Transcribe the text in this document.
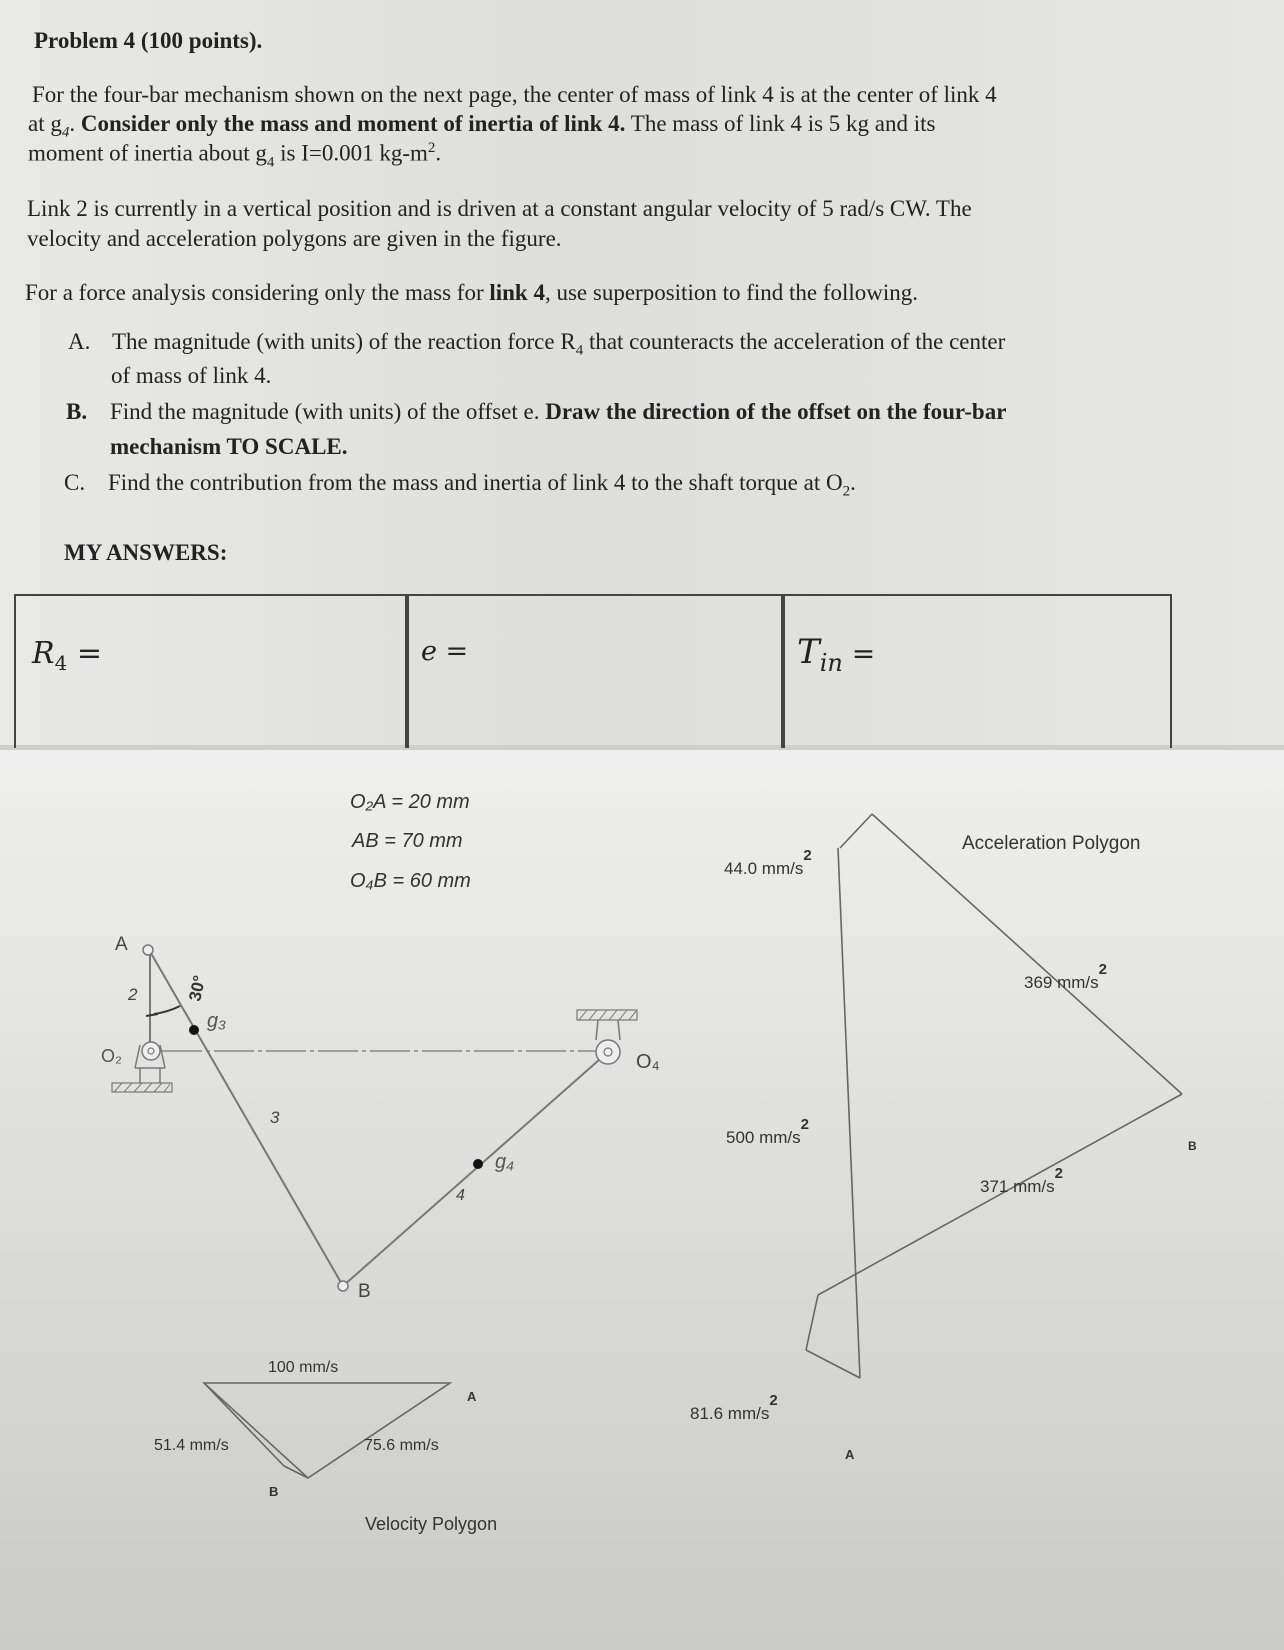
Problem 4 (100 points).
For the four-bar mechanism shown on the next page, the center of mass of link 4 is at the center of link 4
at $g_4$. Consider only the mass and moment of inertia of link 4. The mass of link 4 is 5 kg and its
moment of inertia about $g_4$ is I=0.001 $kg-m^2$.
Link 2 is currently in a vertical position and is driven at a constant angular velocity of 5 rad/s CW. The
velocity and acceleration polygons are given in the figure.
For a force analysis considering only the mass for link 4, use superposition to find the following.
A. The magnitude (with units) of the reaction force $R_4$ that counteracts the acceleration of the center
of mass of link 4.
B. Find the magnitude (with units) of the offset e. Draw the direction of the offset on the four-bar
mechanism TO SCALE.
C. Find the contribution from the mass and inertia of link 4 to the shaft torque at $O_2$.
MY ANSWERS:
$R_4$ =	e =	$T_{in}$ =
O₂A = 20 mm
AB = 70 mm
O₄B = 60 mm
A
2	30°
g₃
O₂
3
O₄
g₄
4
B
100 mm/s
A
51.4 mm/s	75.6 mm/s
B
Velocity Polygon
Acceleration Polygon
44.0 mm/s2
369 mm/s2
500 mm/s2
B
371 mm/s2
81.6 mm/s2
A
